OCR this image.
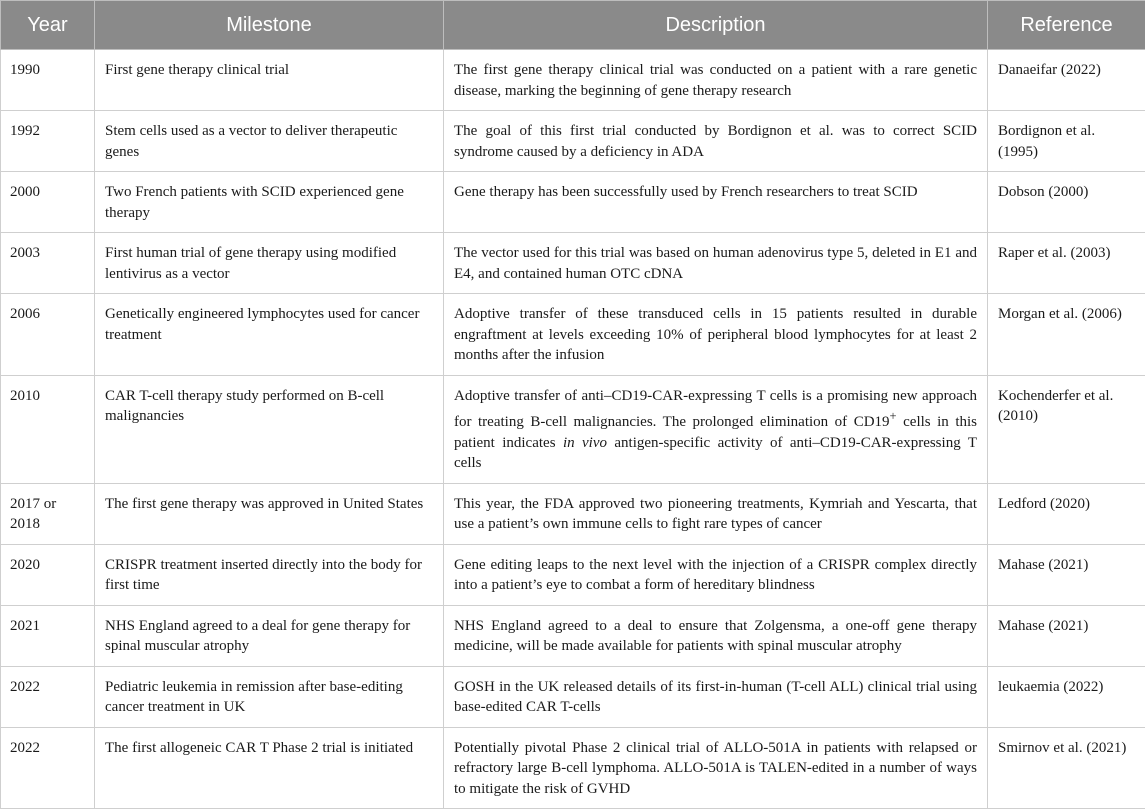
Year	Milestone	Description	Reference
1990	First gene therapy clinical trial	The first gene therapy clinical trial was conducted on a patient with a rare genetic disease, marking the beginning of gene therapy research	Danaeifar (2022)
1992	Stem cells used as a vector to deliver therapeutic genes	The goal of this first trial conducted by Bordignon et al. was to correct SCID syndrome caused by a deficiency in ADA	Bordignon et al. (1995)
2000	Two French patients with SCID experienced gene therapy	Gene therapy has been successfully used by French researchers to treat SCID	Dobson (2000)
2003	First human trial of gene therapy using modified lentivirus as a vector	The vector used for this trial was based on human adenovirus type 5, deleted in E1 and E4, and contained human OTC cDNA	Raper et al. (2003)
2006	Genetically engineered lymphocytes used for cancer treatment	Adoptive transfer of these transduced cells in 15 patients resulted in durable engraftment at levels exceeding 10% of peripheral blood lymphocytes for at least 2 months after the infusion	Morgan et al. (2006)
2010	CAR T-cell therapy study performed on B-cell malignancies	Adoptive transfer of anti–CD19-CAR-expressing T cells is a promising new approach for treating B-cell malignancies. The prolonged elimination of CD19+ cells in this patient indicates in vivo antigen-specific activity of anti–CD19-CAR-expressing T cells	Kochenderfer et al. (2010)
2017 or 2018	The first gene therapy was approved in United States	This year, the FDA approved two pioneering treatments, Kymriah and Yescarta, that use a patient’s own immune cells to fight rare types of cancer	Ledford (2020)
2020	CRISPR treatment inserted directly into the body for first time	Gene editing leaps to the next level with the injection of a CRISPR complex directly into a patient’s eye to combat a form of hereditary blindness	Mahase (2021)
2021	NHS England agreed to a deal for gene therapy for spinal muscular atrophy	NHS England agreed to a deal to ensure that Zolgensma, a one-off gene therapy medicine, will be made available for patients with spinal muscular atrophy	Mahase (2021)
2022	Pediatric leukemia in remission after base-editing cancer treatment in UK	GOSH in the UK released details of its first-in-human (T-cell ALL) clinical trial using base-edited CAR T-cells	leukaemia (2022)
2022	The first allogeneic CAR T Phase 2 trial is initiated	Potentially pivotal Phase 2 clinical trial of ALLO-501A in patients with relapsed or refractory large B-cell lymphoma. ALLO-501A is TALEN-edited in a number of ways to mitigate the risk of GVHD	Smirnov et al. (2021)
